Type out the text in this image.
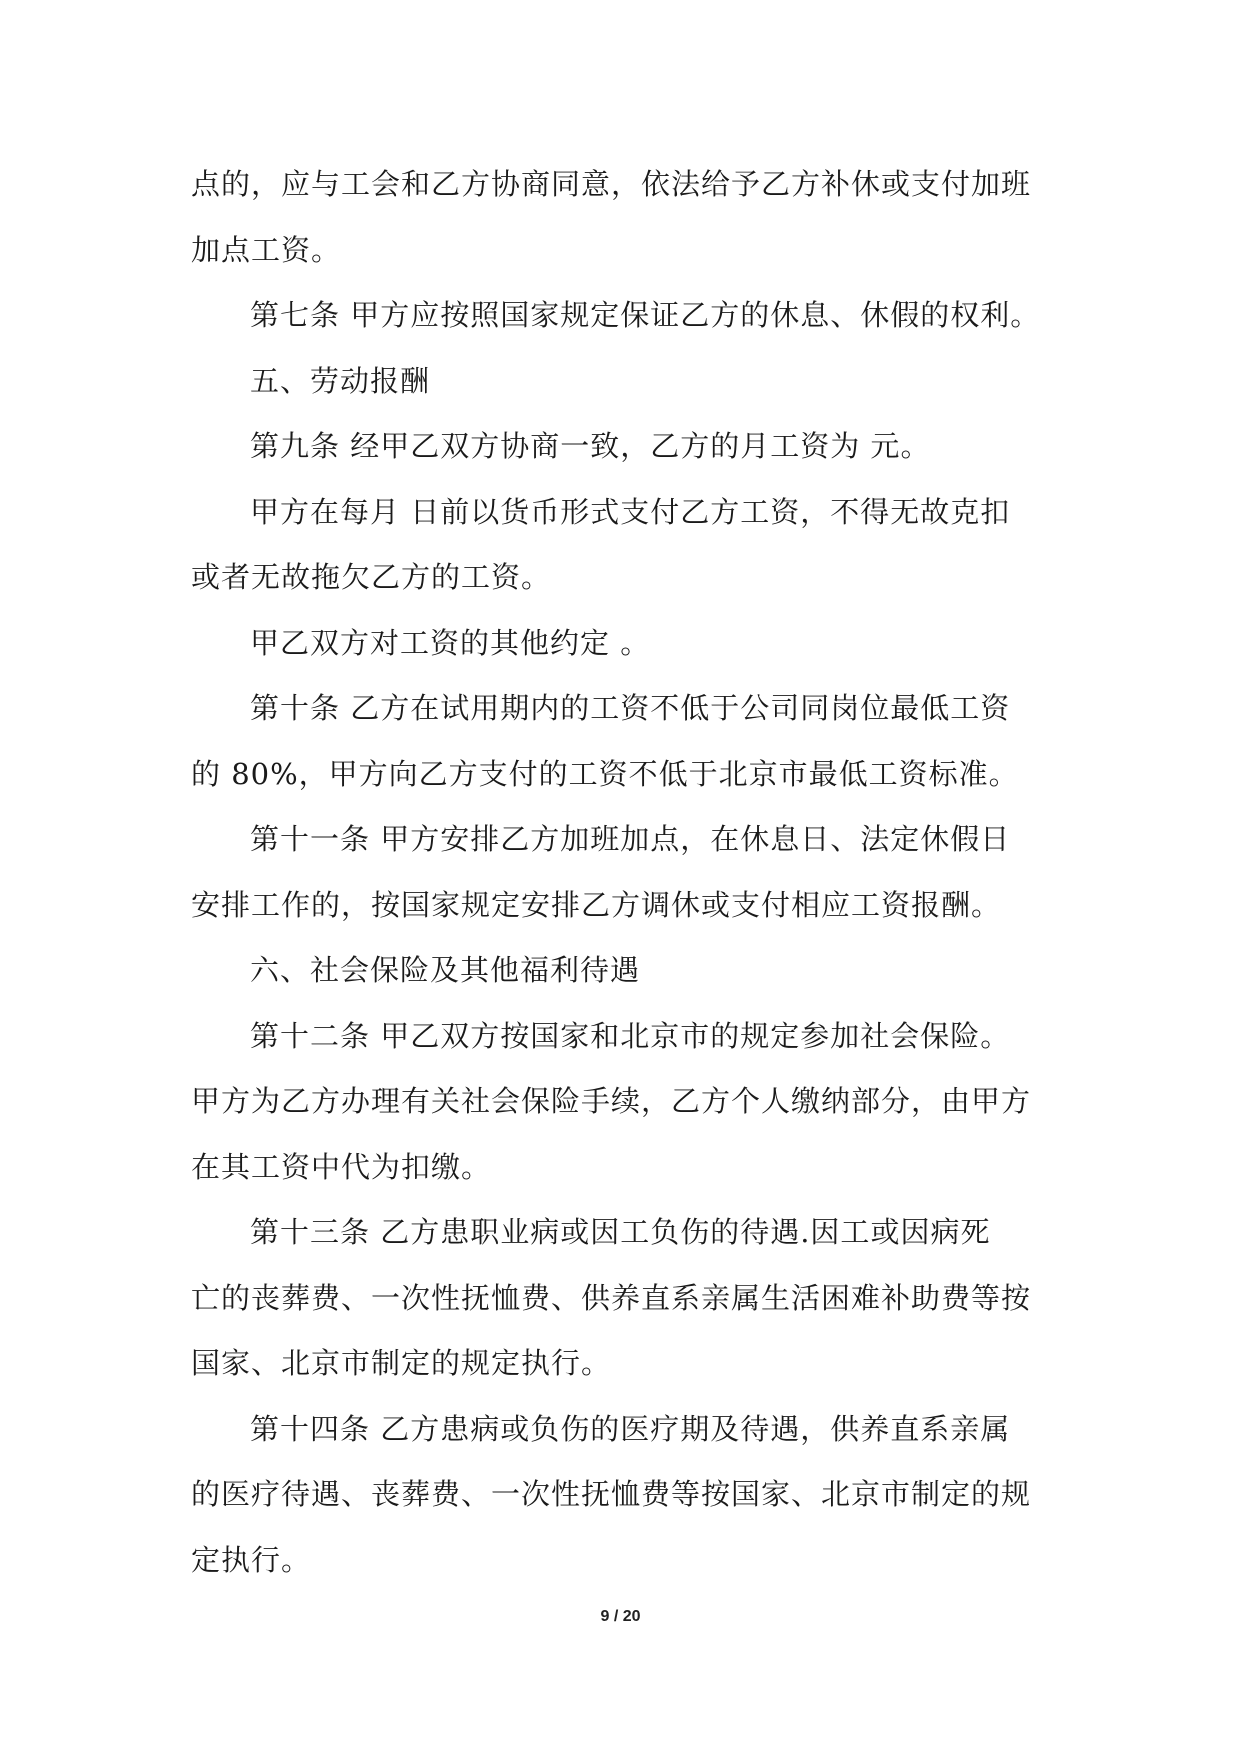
点的，应与工会和乙方协商同意，依法给予乙方补休或支付加班
加点工资。
第七条 甲方应按照国家规定保证乙方的休息、休假的权利。
五、劳动报酬
第九条 经甲乙双方协商一致，乙方的月工资为 元。
甲方在每月 日前以货币形式支付乙方工资，不得无故克扣
或者无故拖欠乙方的工资。
甲乙双方对工资的其他约定 。
第十条 乙方在试用期内的工资不低于公司同岗位最低工资
的 80%，甲方向乙方支付的工资不低于北京市最低工资标准。
第十一条 甲方安排乙方加班加点，在休息日、法定休假日
安排工作的，按国家规定安排乙方调休或支付相应工资报酬。
六、社会保险及其他福利待遇
第十二条 甲乙双方按国家和北京市的规定参加社会保险。
甲方为乙方办理有关社会保险手续，乙方个人缴纳部分，由甲方
在其工资中代为扣缴。
第十三条 乙方患职业病或因工负伤的待遇.因工或因病死
亡的丧葬费、一次性抚恤费、供养直系亲属生活困难补助费等按
国家、北京市制定的规定执行。
第十四条 乙方患病或负伤的医疗期及待遇，供养直系亲属
的医疗待遇、丧葬费、一次性抚恤费等按国家、北京市制定的规
定执行。
9 / 20
